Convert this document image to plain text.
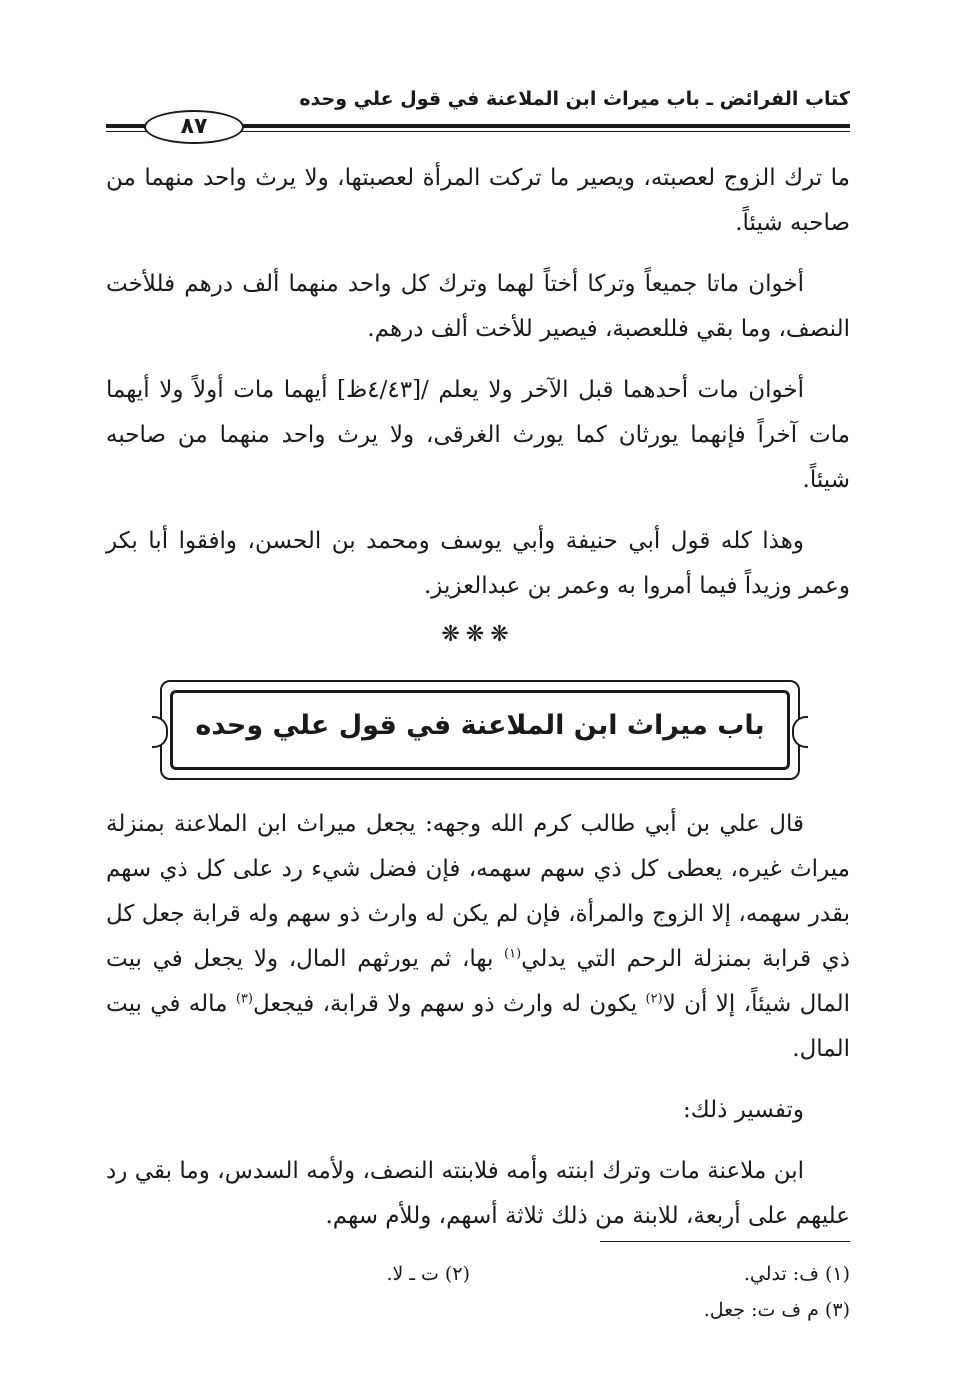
كتاب الفرائض ـ باب ميراث ابن الملاعنة في قول علي وحده
٨٧

ما ترك الزوج لعصبته، ويصير ما تركت المرأة لعصبتها، ولا يرث واحد منهما من صاحبه شيئاً.

أخوان ماتا جميعاً وتركا أختاً لهما وترك كل واحد منهما ألف درهم فللأخت النصف، وما بقي فللعصبة، فيصير للأخت ألف درهم.

أخوان مات أحدهما قبل الآخر ولا يعلم /[٤/٤٣ظ] أيهما مات أولاً ولا أيهما مات آخراً فإنهما يورثان كما يورث الغرقى، ولا يرث واحد منهما من صاحبه شيئاً.

وهذا كله قول أبي حنيفة وأبي يوسف ومحمد بن الحسن، وافقوا أبا بكر وعمر وزيداً فيما أمروا به وعمر بن عبدالعزيز.

❋❋❋
باب ميراث ابن الملاعنة في قول علي وحده

قال علي بن أبي طالب كرم الله وجهه: يجعل ميراث ابن الملاعنة بمنزلة ميراث غيره، يعطى كل ذي سهم سهمه، فإن فضل شيء رد على كل ذي سهم بقدر سهمه، إلا الزوج والمرأة، فإن لم يكن له وارث ذو سهم وله قرابة جعل كل ذي قرابة بمنزلة الرحم التي يدلي$^{(١)}$ بها، ثم يورثهم المال، ولا يجعل في بيت المال شيئاً، إلا أن لا$^{(٢)}$ يكون له وارث ذو سهم ولا قرابة، فيجعل$^{(٣)}$ ماله في بيت المال.

وتفسير ذلك:

ابن ملاعنة مات وترك ابنته وأمه فلابنته النصف، ولأمه السدس، وما بقي رد عليهم على أربعة، للابنة من ذلك ثلاثة أسهم، وللأم سهم.

(١) ف: تدلي.
(٢) ت ـ لا.
(٣) م ف ت: جعل.
